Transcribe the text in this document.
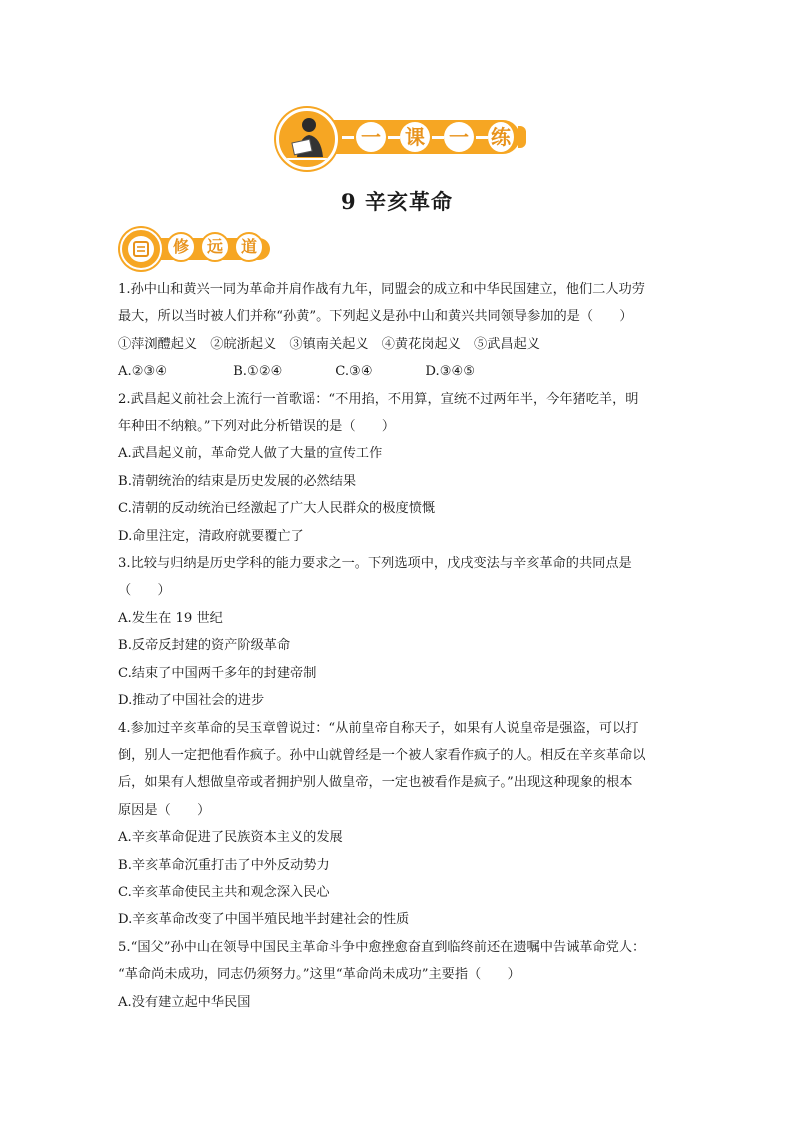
一 课 一 练
9 辛亥革命
修	远	道

1.孙中山和黄兴一同为革命并肩作战有九年，同盟会的成立和中华民国建立，他们二人功劳

最大，所以当时被人们并称“孙黄”。下列起义是孙中山和黄兴共同领导参加的是（　　）

①萍浏醴起义　②皖浙起义　③镇南关起义　④黄花岗起义　⑤武昌起义

A.②③④　　　　　B.①②④　　　　C.③④　　　　D.③④⑤

2.武昌起义前社会上流行一首歌谣：“不用掐，不用算，宣统不过两年半，今年猪吃羊，明

年种田不纳粮。”下列对此分析错误的是（　　）

A.武昌起义前，革命党人做了大量的宣传工作

B.清朝统治的结束是历史发展的必然结果

C.清朝的反动统治已经激起了广大人民群众的极度愤慨

D.命里注定，清政府就要覆亡了

3.比较与归纳是历史学科的能力要求之一。下列选项中，戊戌变法与辛亥革命的共同点是

（　　）

A.发生在 19 世纪

B.反帝反封建的资产阶级革命

C.结束了中国两千多年的封建帝制

D.推动了中国社会的进步

4.参加过辛亥革命的吴玉章曾说过：“从前皇帝自称天子，如果有人说皇帝是强盗，可以打

倒，别人一定把他看作疯子。孙中山就曾经是一个被人家看作疯子的人。相反在辛亥革命以

后，如果有人想做皇帝或者拥护别人做皇帝，一定也被看作是疯子。”出现这种现象的根本

原因是（　　）

A.辛亥革命促进了民族资本主义的发展

B.辛亥革命沉重打击了中外反动势力

C.辛亥革命使民主共和观念深入民心

D.辛亥革命改变了中国半殖民地半封建社会的性质

5.“国父”孙中山在领导中国民主革命斗争中愈挫愈奋直到临终前还在遗嘱中告诫革命党人：

“革命尚未成功，同志仍须努力。”这里“革命尚未成功”主要指（　　）

A.没有建立起中华民国
